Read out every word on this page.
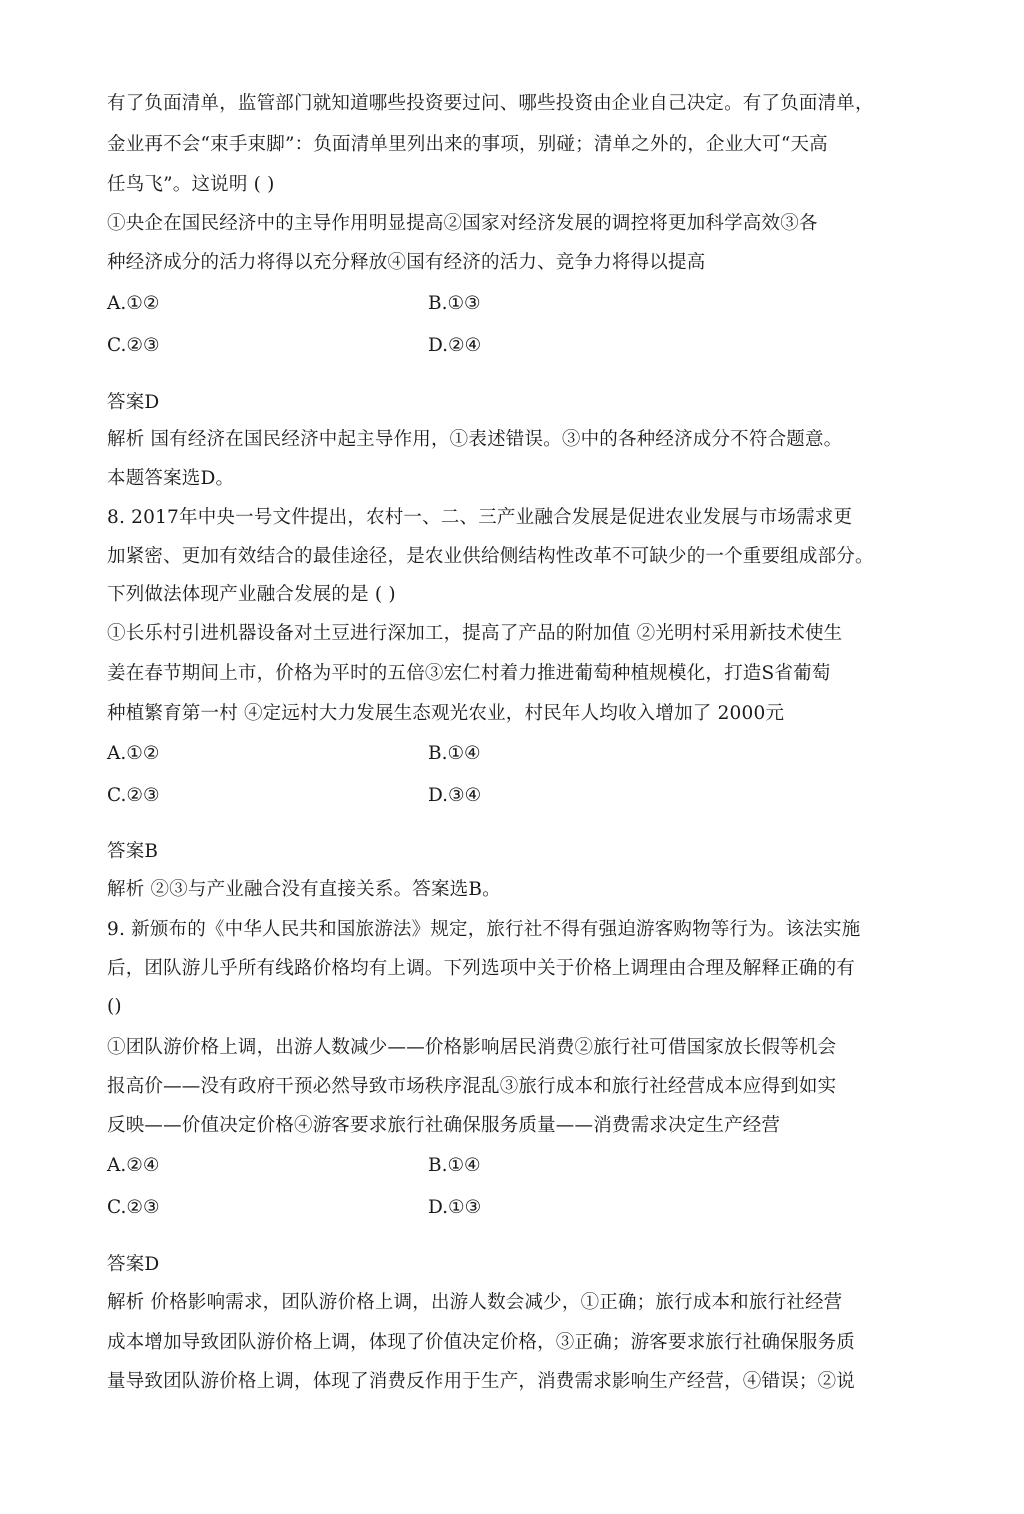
有了负面清单，监管部门就知道哪些投资要过问、哪些投资由企业自己决定。有了负面清单，
金业再不会“束手束脚”：负面清单里列出来的事项，别碰；清单之外的，企业大可“天高
任鸟飞”。这说明 ( )
①央企在国民经济中的主导作用明显提高②国家对经济发展的调控将更加科学高效③各
种经济成分的活力将得以充分释放④国有经济的活力、竞争力将得以提高
A.①②	B.①③
C.②③	D.②④
答案D
解析 国有经济在国民经济中起主导作用，①表述错误。③中的各种经济成分不符合题意。
本题答案选D。
8. 2017年中央一号文件提出，农村一、二、三产业融合发展是促进农业发展与市场需求更
加紧密、更加有效结合的最佳途径，是农业供给侧结构性改革不可缺少的一个重要组成部分。
下列做法体现产业融合发展的是 ( )
①长乐村引进机器设备对土豆进行深加工，提高了产品的附加值 ②光明村采用新技术使生
姜在春节期间上市，价格为平时的五倍③宏仁村着力推进葡萄种植规模化，打造S省葡萄
种植繁育第一村 ④定远村大力发展生态观光农业，村民年人均收入增加了 2000元
A.①②	B.①④
C.②③	D.③④
答案B
解析 ②③与产业融合没有直接关系。答案选B。
9. 新颁布的《中华人民共和国旅游法》规定，旅行社不得有强迫游客购物等行为。该法实施
后，团队游儿乎所有线路价格均有上调。下列选项中关于价格上调理由合理及解释正确的有
()
①团队游价格上调，出游人数减少——价格影响居民消费②旅行社可借国家放长假等机会
报高价——没有政府干预必然导致市场秩序混乱③旅行成本和旅行社经营成本应得到如实
反映——价值决定价格④游客要求旅行社确保服务质量——消费需求决定生产经营
A.②④	B.①④
C.②③	D.①③
答案D
解析 价格影响需求，团队游价格上调，出游人数会减少，①正确；旅行成本和旅行社经营
成本增加导致团队游价格上调，体现了价值决定价格，③正确；游客要求旅行社确保服务质
量导致团队游价格上调，体现了消费反作用于生产，消费需求影响生产经营，④错误；②说
